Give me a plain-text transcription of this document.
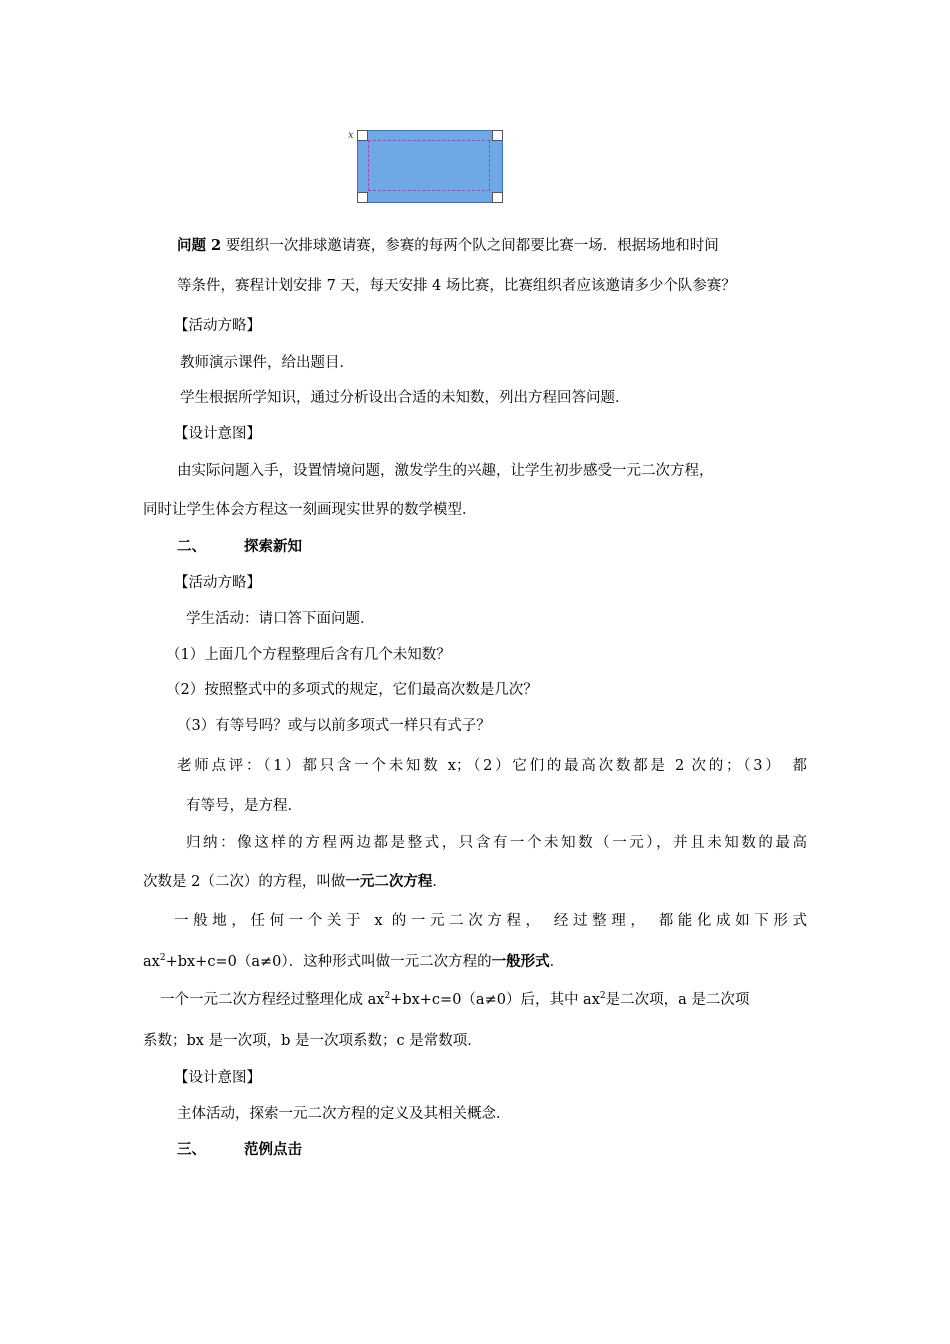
x
问题 2 要组织一次排球邀请赛，参赛的每两个队之间都要比赛一场．根据场地和时间
等条件，赛程计划安排 7 天，每天安排 4 场比赛，比赛组织者应该邀请多少个队参赛？
【活动方略】
教师演示课件，给出题目．
学生根据所学知识，通过分析设出合适的未知数，列出方程回答问题．
【设计意图】
由实际问题入手，设置情境问题，激发学生的兴趣，让学生初步感受一元二次方程，
同时让学生体会方程这一刻画现实世界的数学模型．
二、	探索新知
【活动方略】
学生活动：请口答下面问题．
（1）上面几个方程整理后含有几个未知数？
（2）按照整式中的多项式的规定，它们最高次数是几次？
（3）有等号吗？或与以前多项式一样只有式子？
老师点评：（1）都只含一个未知数 x；（2）它们的最高次数都是 2 次的；（3）　都
有等号，是方程．
归纳：像这样的方程两边都是整式，只含有一个未知数（一元），并且未知数的最高
次数是 2（二次）的方程，叫做一元二次方程．
一般地，任何一个关于 x 的一元二次方程， 经过整理， 都能化成如下形式
$ax^2+bx+c=0(a\ne 0)$．这种形式叫做一元二次方程的一般形式．
一个一元二次方程经过整理化成 $ax^2+bx+c=0(a\ne 0)$后，其中 $ax^2$是二次项，a 是二次项
系数；bx 是一次项，b 是一次项系数；c 是常数项．
【设计意图】
主体活动，探索一元二次方程的定义及其相关概念．
三、	范例点击
